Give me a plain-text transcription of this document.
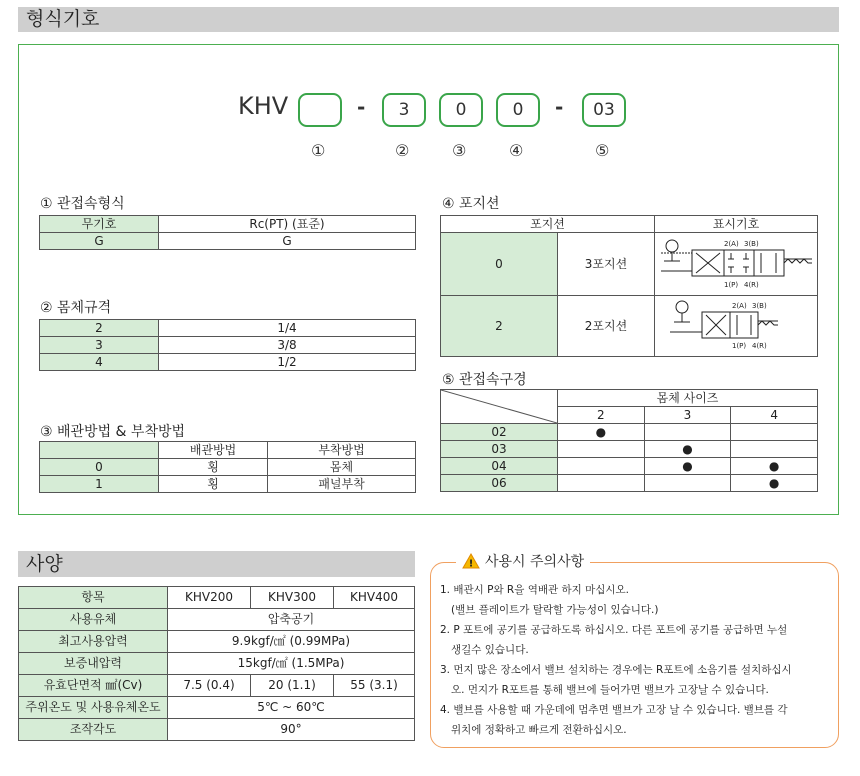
형식기호
KHV	-	3	0	0	-	03
①	②	③	④	⑤
① 관접속형식
무기호	Rc(PT) (표준)
G	G
② 몸체규격
2	1/4
3	3/8
4	1/2
③ 배관방법 & 부착방법
	배관방법	부착방법
0	횡	몸체
1	횡	패널부착
④ 포지션
포지션		표시기호
0	3포지션	2(A) 3(B)
1(P) 4(R)

2	2포지션	2(A) 3(B)
1(P) 4(R)
⑤ 관접속구경
	몸체 사이즈		
	2	3	4
02	●		
03		●	
04		●	●
06			●
사양
항목	KHV200	KHV300	KHV400
사용유체	압축공기		
최고사용압력	9.9kgf/㎠ (0.99MPa)		
보증내압력	15kgf/㎠ (1.5MPa)		
유효단면적 ㎟(Cv)	7.5 (0.4)	20 (1.1)	55 (3.1)
주위온도 및 사용유체온도	5℃ ~ 60℃		
조작각도	90°		
! 사용시 주의사항
1. 배관시 P와 R을 역배관 하지 마십시오.
(밸브 플레이트가 탈락할 가능성이 있습니다.)
2. P 포트에 공기를 공급하도록 하십시오. 다른 포트에 공기를 공급하면 누설
생길수 있습니다.
3. 먼지 많은 장소에서 밸브 설치하는 경우에는 R포트에 소음기를 설치하십시
오. 먼지가 R포트를 통해 밸브에 들어가면 밸브가 고장날 수 있습니다.
4. 밸브를 사용할 때 가운데에 멈추면 밸브가 고장 날 수 있습니다. 밸브를 각
위치에 정확하고 빠르게 전환하십시오.
